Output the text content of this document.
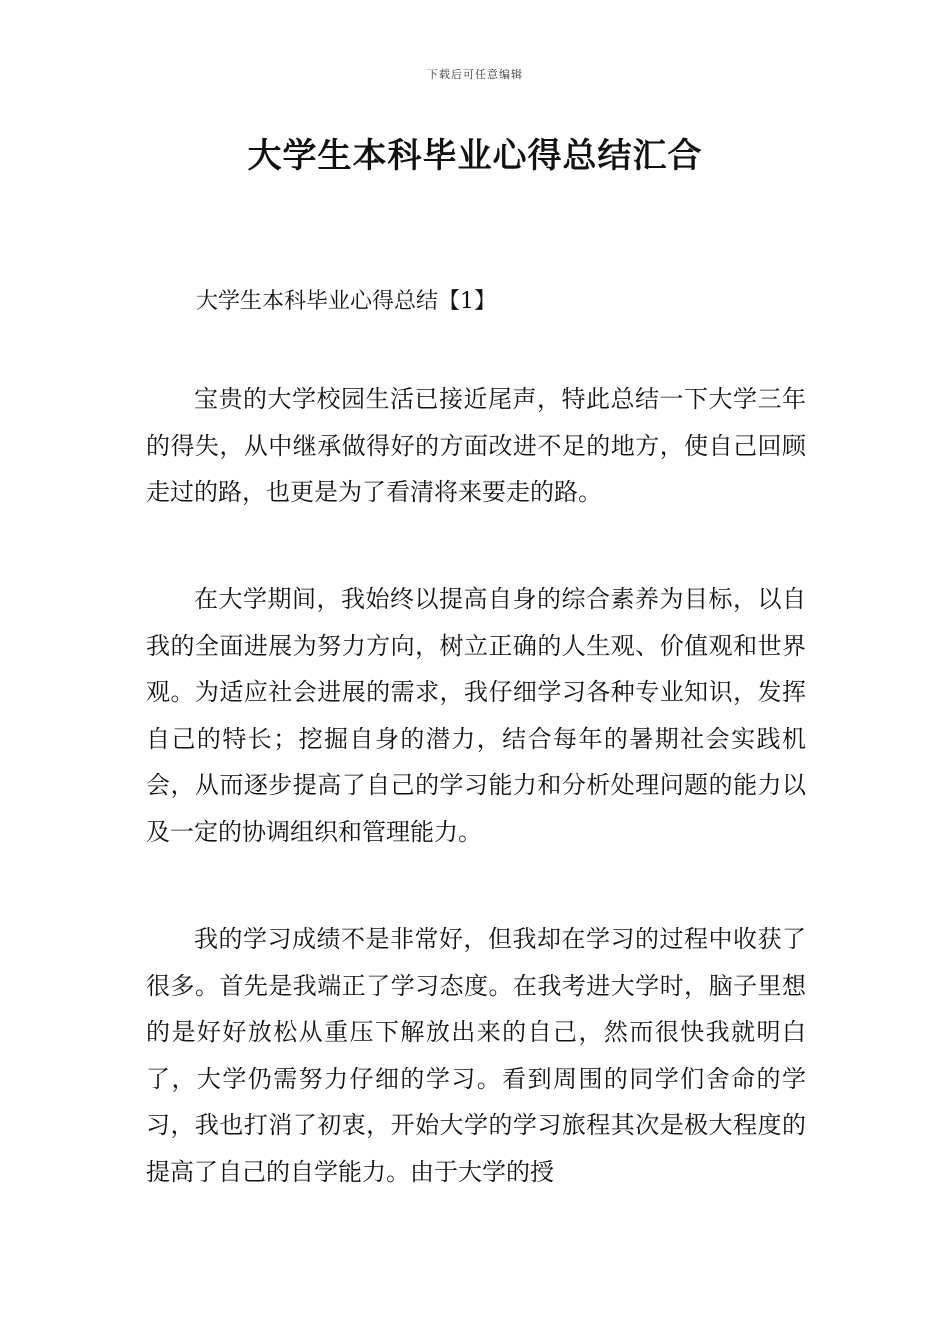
下载后可任意编辑
大学生本科毕业心得总结汇合
大学生本科毕业心得总结【1】

宝贵的大学校园生活已接近尾声，特此总结一下大学三年的得失，从中继承做得好的方面改进不足的地方，使自己回顾走过的路，也更是为了看清将来要走的路。

在大学期间，我始终以提高自身的综合素养为目标，以自我的全面进展为努力方向，树立正确的人生观、价值观和世界观。为适应社会进展的需求，我仔细学习各种专业知识，发挥自己的特长；挖掘自身的潜力，结合每年的暑期社会实践机会，从而逐步提高了自己的学习能力和分析处理问题的能力以及一定的协调组织和管理能力。

我的学习成绩不是非常好，但我却在学习的过程中收获了很多。首先是我端正了学习态度。在我考进大学时，脑子里想的是好好放松从重压下解放出来的自己，然而很快我就明白了，大学仍需努力仔细的学习。看到周围的同学们舍命的学习，我也打消了初衷，开始大学的学习旅程其次是极大程度的提高了自己的自学能力。由于大学的授
